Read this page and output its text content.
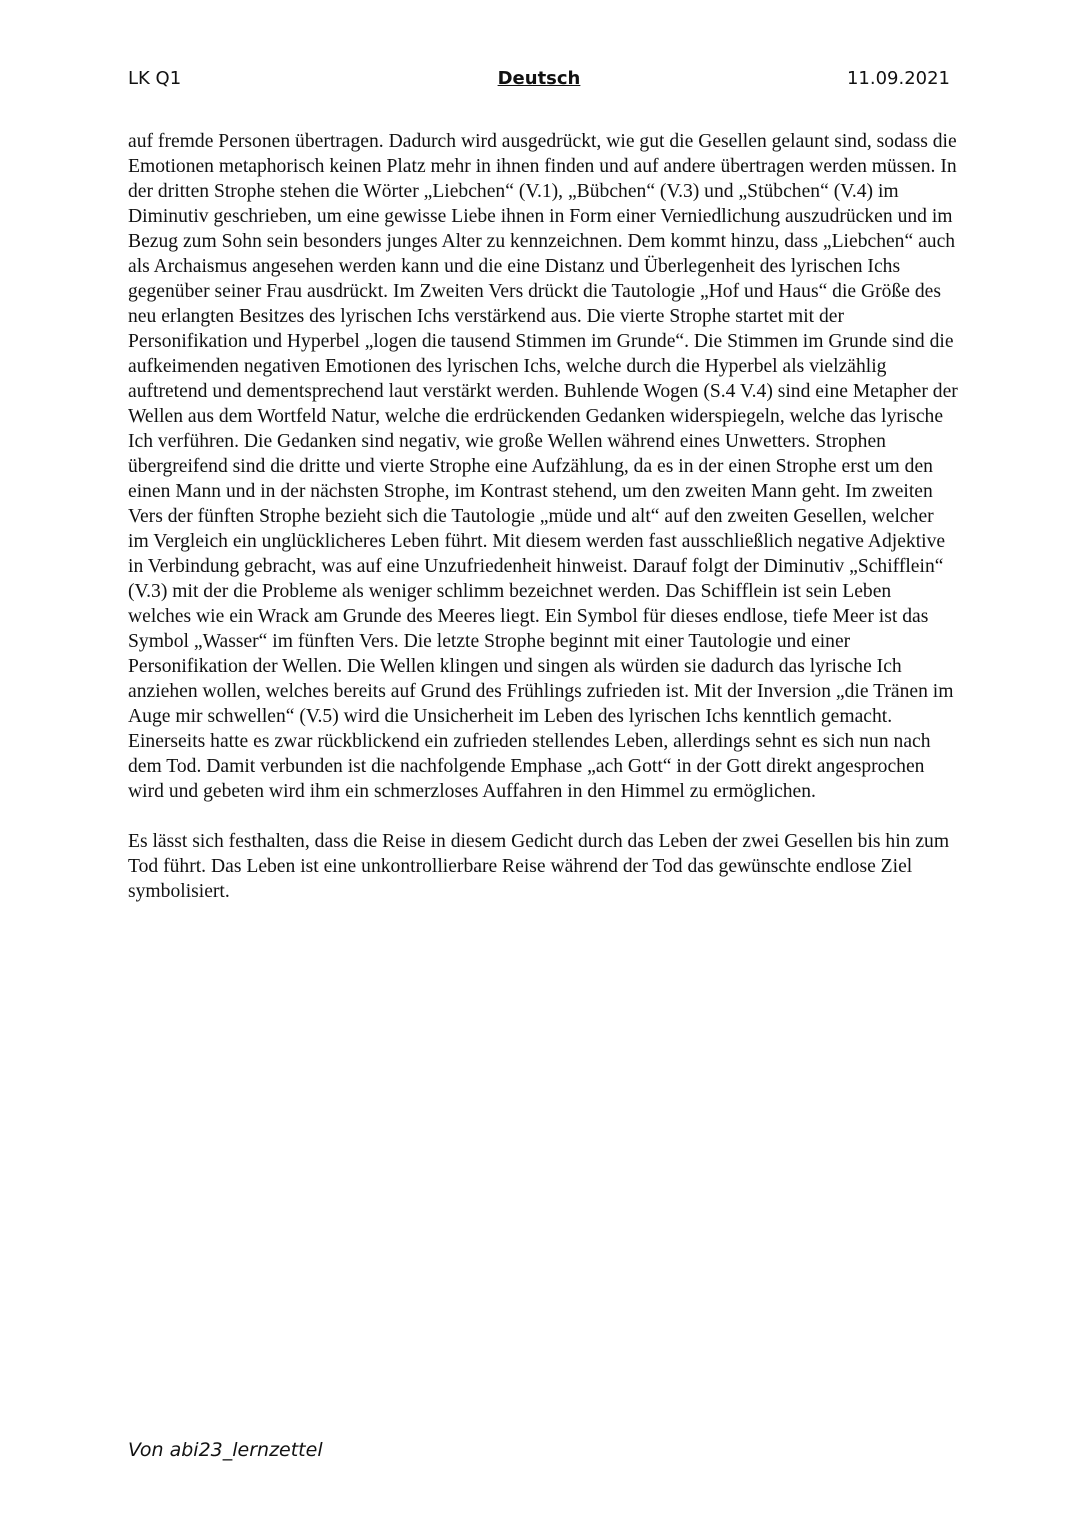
LK Q1	Deutsch	11.09.2021

auf fremde Personen übertragen. Dadurch wird ausgedrückt, wie gut die Gesellen gelaunt sind, sodass die Emotionen metaphorisch keinen Platz mehr in ihnen finden und auf andere übertragen werden müssen. In der dritten Strophe stehen die Wörter „Liebchen“ (V.1), „Bübchen“ (V.3) und „Stübchen“ (V.4) im Diminutiv geschrieben, um eine gewisse Liebe ihnen in Form einer Verniedlichung auszudrücken und im Bezug zum Sohn sein besonders junges Alter zu kennzeichnen. Dem kommt hinzu, dass „Liebchen“ auch als Archaismus angesehen werden kann und die eine Distanz und Überlegenheit des lyrischen Ichs gegenüber seiner Frau ausdrückt. Im Zweiten Vers drückt die Tautologie „Hof und Haus“ die Größe des neu erlangten Besitzes des lyrischen Ichs verstärkend aus. Die vierte Strophe startet mit der Personifikation und Hyperbel „logen die tausend Stimmen im Grunde“. Die Stimmen im Grunde sind die aufkeimenden negativen Emotionen des lyrischen Ichs, welche durch die Hyperbel als vielzählig auftretend und dementsprechend laut verstärkt werden. Buhlende Wogen (S.4 V.4) sind eine Metapher der Wellen aus dem Wortfeld Natur, welche die erdrückenden Gedanken widerspiegeln, welche das lyrische Ich verführen. Die Gedanken sind negativ, wie große Wellen während eines Unwetters. Strophen übergreifend sind die dritte und vierte Strophe eine Aufzählung, da es in der einen Strophe erst um den einen Mann und in der nächsten Strophe, im Kontrast stehend, um den zweiten Mann geht. Im zweiten Vers der fünften Strophe bezieht sich die Tautologie „müde und alt“ auf den zweiten Gesellen, welcher im Vergleich ein unglücklicheres Leben führt. Mit diesem werden fast ausschließlich negative Adjektive in Verbindung gebracht, was auf eine Unzufriedenheit hinweist. Darauf folgt der Diminutiv „Schifflein“ (V.3) mit der die Probleme als weniger schlimm bezeichnet werden. Das Schifflein ist sein Leben welches wie ein Wrack am Grunde des Meeres liegt. Ein Symbol für dieses endlose, tiefe Meer ist das Symbol „Wasser“ im fünften Vers. Die letzte Strophe beginnt mit einer Tautologie und einer Personifikation der Wellen. Die Wellen klingen und singen als würden sie dadurch das lyrische Ich anziehen wollen, welches bereits auf Grund des Frühlings zufrieden ist. Mit der Inversion „die Tränen im Auge mir schwellen“ (V.5) wird die Unsicherheit im Leben des lyrischen Ichs kenntlich gemacht. Einerseits hatte es zwar rückblickend ein zufrieden stellendes Leben, allerdings sehnt es sich nun nach dem Tod. Damit verbunden ist die nachfolgende Emphase „ach Gott“ in der Gott direkt angesprochen wird und gebeten wird ihm ein schmerzloses Auffahren in den Himmel zu ermöglichen.

Es lässt sich festhalten, dass die Reise in diesem Gedicht durch das Leben der zwei Gesellen bis hin zum Tod führt. Das Leben ist eine unkontrollierbare Reise während der Tod das gewünschte endlose Ziel symbolisiert.

Von abi23_lernzettel
